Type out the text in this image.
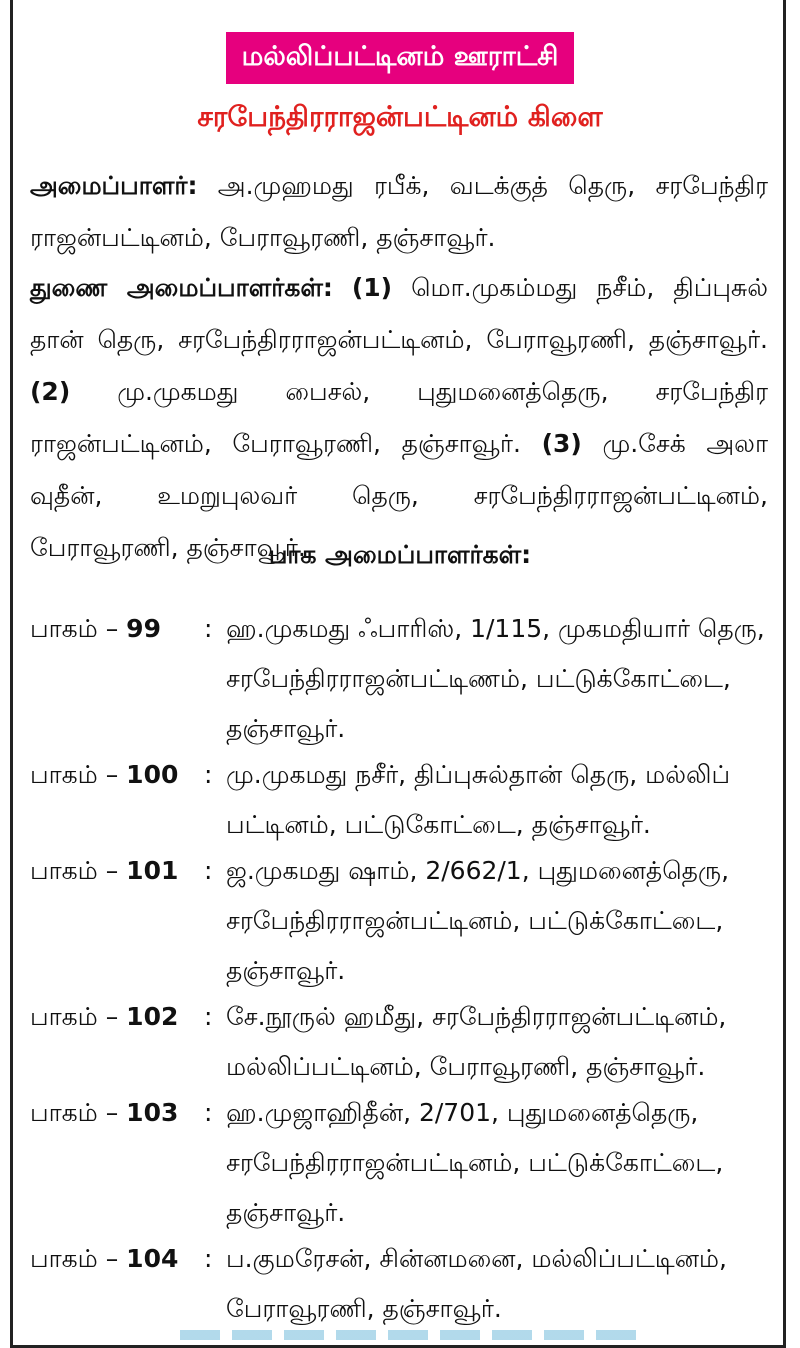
மல்லிப்பட்டினம் ஊராட்சி
சரபேந்திரராஜன்பட்டினம் கிளை
அமைப்பாளர்: அ.முஹமது ரபீக், வடக்குத் தெரு, சரபேந்திர ராஜன்பட்டினம், பேராவூரணி, தஞ்சாவூர்.
துணை அமைப்பாளர்கள்: (1) மொ.முகம்மது நசீம், திப்புசுல் தான் தெரு, சரபேந்திரராஜன்பட்டினம், பேராவூரணி, தஞ்சாவூர். (2) மு.முகமது பைசல், புதுமனைத்தெரு, சரபேந்திர ராஜன்பட்டினம், பேராவூரணி, தஞ்சாவூர். (3) மு.சேக் அலா வுதீன், உமறுபுலவர் தெரு, சரபேந்திரராஜன்பட்டினம், பேராவூரணி, தஞ்சாவூர்.
பாக அமைப்பாளர்கள்:
பாகம் – 99 : ஹ.முகமது ஃபாரிஸ், 1/115, முகமதியார் தெரு, சரபேந்திரராஜன்பட்டிணம், பட்டுக்கோட்டை, தஞ்சாவூர்.
பாகம் – 100 : மு.முகமது நசீர், திப்புசுல்தான் தெரு, மல்லிப் பட்டினம், பட்டுகோட்டை, தஞ்சாவூர்.
பாகம் – 101 : ஜ.முகமது ஷாம், 2/662/1, புதுமனைத்தெரு, சரபேந்திரராஜன்பட்டினம், பட்டுக்கோட்டை, தஞ்சாவூர்.
பாகம் – 102 : சே.நூருல் ஹமீது, சரபேந்திரராஜன்பட்டினம், மல்லிப்பட்டினம், பேராவூரணி, தஞ்சாவூர்.
பாகம் – 103 : ஹ.முஜாஹிதீன், 2/701, புதுமனைத்தெரு, சரபேந்திரராஜன்பட்டினம், பட்டுக்கோட்டை, தஞ்சாவூர்.
பாகம் – 104 : ப.குமரேசன், சின்னமனை, மல்லிப்பட்டினம், பேராவூரணி, தஞ்சாவூர்.
